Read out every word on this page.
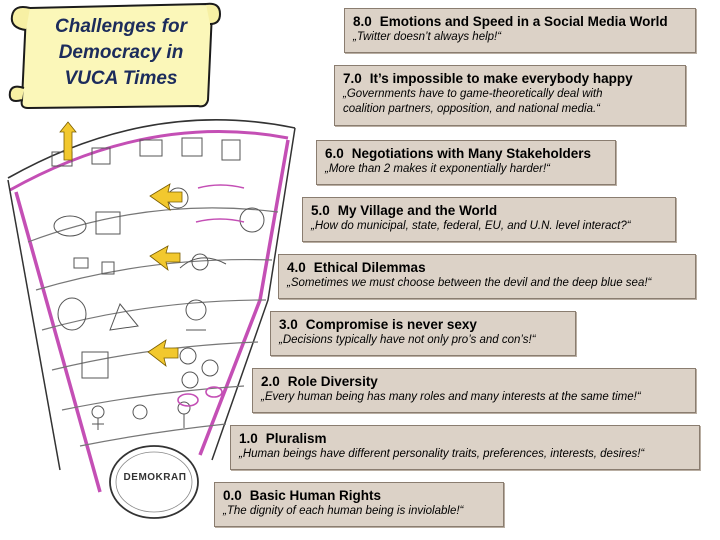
Challenges for
Democracy in
VUCA Times
DEMOKRAΠ
8.0 Emotions and Speed in a Social Media World
„Twitter doesn’t always help!“
7.0 It’s impossible to make everybody happy
„Governments have to game-theoretically deal with
coalition partners, opposition, and national media.“
6.0 Negotiations with Many Stakeholders
„More than 2 makes it exponentially harder!“
5.0 My Village and the World
„How do municipal, state, federal, EU, and U.N. level interact?“
4.0 Ethical Dilemmas
„Sometimes we must choose between the devil and the deep blue sea!“
3.0 Compromise is never sexy
„Decisions typically have not only pro’s and con’s!“
2.0 Role Diversity
„Every human being has many roles and many interests at the same time!“
1.0 Pluralism
„Human beings have different personality traits, preferences, interests, desires!“
0.0 Basic Human Rights
„The dignity of each human being is inviolable!“
